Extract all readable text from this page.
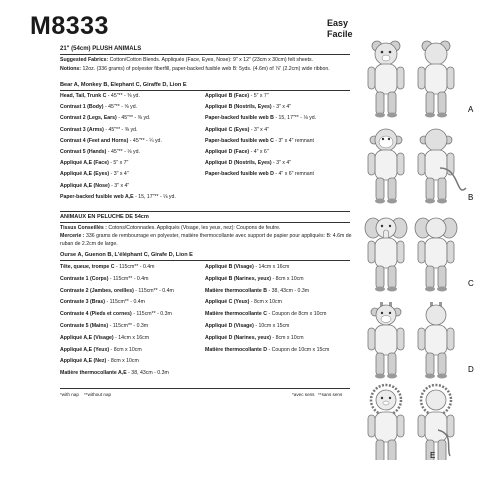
M8333	Easy
Facile
21" (54cm) PLUSH ANIMALS
Suggested Fabrics: Cotton/Cotton Blends. Appliqués (Face, Eyes, Nose): 9" x 12" (23cm x 30cm) felt sheets.
Notions: 12oz. (336 grams) of polyester fiberfill, paper-backed fusible web B: 5yds. (4.6m) of ⅞" (2.2cm) wide ribbon.
Bear A, Monkey B, Elephant C, Giraffe D, Lion E
Head, Tail, Trunk C - 45"** - ⅜ yd.
Contrast 1 (Body) - 45"** - ⅝ yd.
Contrast 2 (Legs, Ears) - 45"** - ⅜ yd.
Contrast 3 (Arms) - 45"** - ⅜ yd.
Contrast 4 (Feet and Horns) - 45"** - ¼ yd.
Contrast 5 (Hands) - 45"** - ⅛ yd.
Appliqué A,E (Face) - 5" x 7"
Appliqué A,E (Eyes) - 3" x 4"
Appliqué A,E (Nose) - 3" x 4"
Paper-backed fusible web A,E - 15, 17"** - ⅛ yd.
Appliqué B (Face) - 5" x 7"
Appliqué B (Nostrils, Eyes) - 3" x 4"
Paper-backed fusible web B - 15, 17"** - ⅛ yd.
Appliqué C (Eyes) - 3" x 4"
Paper-backed fusible web C - 3" x 4" remnant
Appliqué D (Face) - 4" x 6"
Appliqué D (Nostrils, Eyes) - 3" x 4"
Paper-backed fusible web D - 4" x 6" remnant
ANIMAUX EN PELUCHE DE 54cm
Tissus Conseillés : Cotons/Cotonnades. Appliqués (Visage, les yeux, nez): Coupons de feutre.
Mercerie : 336 grams de rembourrage en polyester, matière thermocollante avec support de papier pour appliqués: B: 4.6m de ruban de 2.2cm de large.
Ourse A, Guenon B, L'éléphant C, Girafe D, Lion E
Tête, queue, trompe C - 115cm** - 0.4m
Contraste 1 (Corps) - 115cm** - 0.4m
Contraste 2 (Jambes, oreilles) - 115cm** - 0.4m
Contraste 3 (Bras) - 115cm** - 0.4m
Contraste 4 (Pieds et cornes) - 115cm** - 0.3m
Contraste 5 (Mains) - 115cm** - 0.3m
Appliqué A,E (Visage) - 14cm x 16cm
Appliqué A,E (Yeux) - 8cm x 10cm
Appliqué A,E (Nez) - 8cm x 10cm
Matière thermocollante A,E - 38, 43cm - 0.3m
Appliqué B (Visage) - 14cm x 16cm
Appliqué B (Narines, yeux) - 8cm x 10cm
Matière thermocollante B - 38, 43cm - 0.3m
Appliqué C (Yeux) - 8cm x 10cm
Matière thermocollante C - Coupon de 8cm x 10cm
Appliqué D (Visage) - 10cm x 15cm
Appliqué D (Narines, yeux) - 8cm x 10cm
Matière thermocollante D - Coupon de 10cm x 15cm
*with nap **without nap	*avec sens **sans sens
A
B
C
D
E
